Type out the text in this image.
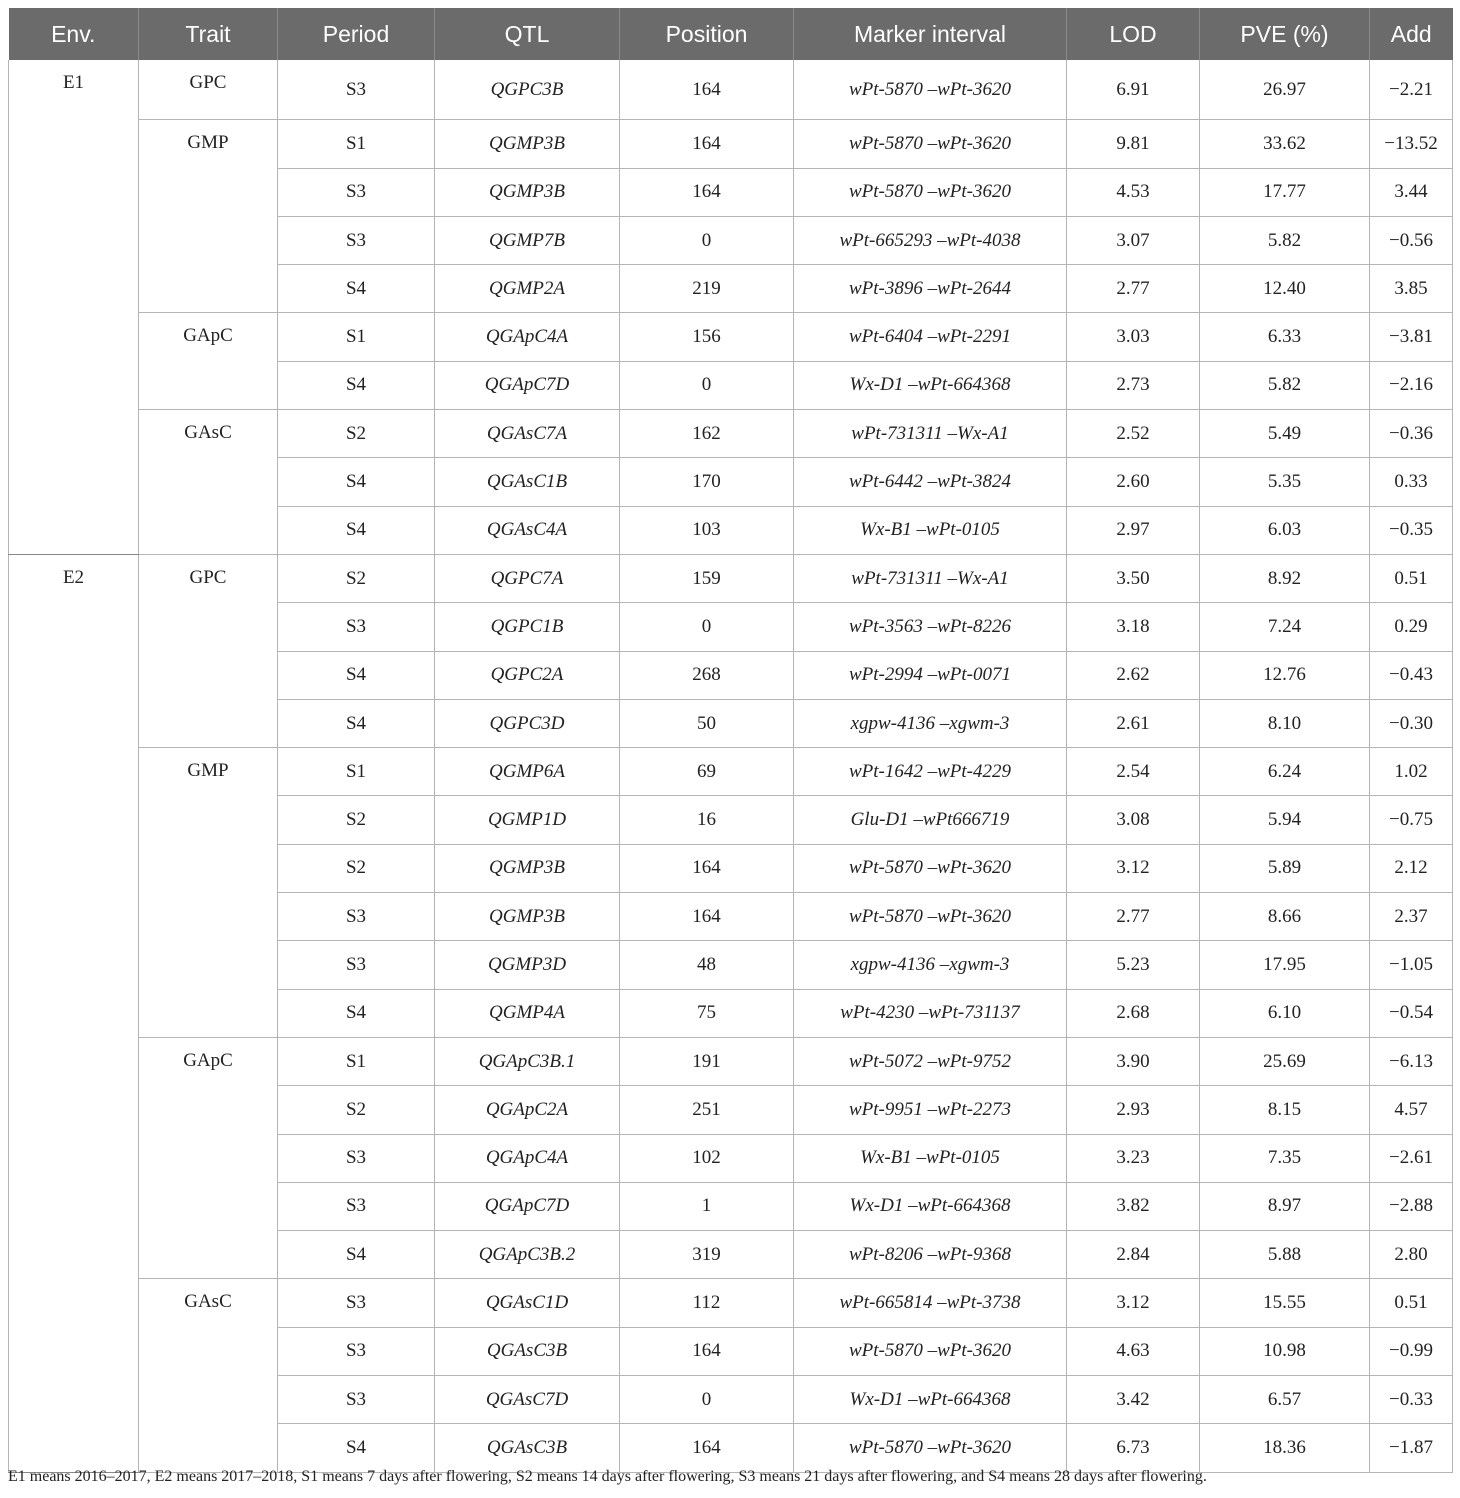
Env.	Trait	Period	QTL	Position	Marker interval	LOD	PVE (%)	Add
E1	GPC	S3	QGPC3B	164	wPt-5870 –wPt-3620	6.91	26.97	−2.21
	GMP	S1	QGMP3B	164	wPt-5870 –wPt-3620	9.81	33.62	−13.52
		S3	QGMP3B	164	wPt-5870 –wPt-3620	4.53	17.77	3.44
		S3	QGMP7B	0	wPt-665293 –wPt-4038	3.07	5.82	−0.56
		S4	QGMP2A	219	wPt-3896 –wPt-2644	2.77	12.40	3.85
	GApC	S1	QGApC4A	156	wPt-6404 –wPt-2291	3.03	6.33	−3.81
		S4	QGApC7D	0	Wx-D1 –wPt-664368	2.73	5.82	−2.16
	GAsC	S2	QGAsC7A	162	wPt-731311 –Wx-A1	2.52	5.49	−0.36
		S4	QGAsC1B	170	wPt-6442 –wPt-3824	2.60	5.35	0.33
		S4	QGAsC4A	103	Wx-B1 –wPt-0105	2.97	6.03	−0.35
E2	GPC	S2	QGPC7A	159	wPt-731311 –Wx-A1	3.50	8.92	0.51
		S3	QGPC1B	0	wPt-3563 –wPt-8226	3.18	7.24	0.29
		S4	QGPC2A	268	wPt-2994 –wPt-0071	2.62	12.76	−0.43
		S4	QGPC3D	50	xgpw-4136 –xgwm-3	2.61	8.10	−0.30
	GMP	S1	QGMP6A	69	wPt-1642 –wPt-4229	2.54	6.24	1.02
		S2	QGMP1D	16	Glu-D1 –wPt666719	3.08	5.94	−0.75
		S2	QGMP3B	164	wPt-5870 –wPt-3620	3.12	5.89	2.12
		S3	QGMP3B	164	wPt-5870 –wPt-3620	2.77	8.66	2.37
		S3	QGMP3D	48	xgpw-4136 –xgwm-3	5.23	17.95	−1.05
		S4	QGMP4A	75	wPt-4230 –wPt-731137	2.68	6.10	−0.54
	GApC	S1	QGApC3B.1	191	wPt-5072 –wPt-9752	3.90	25.69	−6.13
		S2	QGApC2A	251	wPt-9951 –wPt-2273	2.93	8.15	4.57
		S3	QGApC4A	102	Wx-B1 –wPt-0105	3.23	7.35	−2.61
		S3	QGApC7D	1	Wx-D1 –wPt-664368	3.82	8.97	−2.88
		S4	QGApC3B.2	319	wPt-8206 –wPt-9368	2.84	5.88	2.80
	GAsC	S3	QGAsC1D	112	wPt-665814 –wPt-3738	3.12	15.55	0.51
		S3	QGAsC3B	164	wPt-5870 –wPt-3620	4.63	10.98	−0.99
		S3	QGAsC7D	0	Wx-D1 –wPt-664368	3.42	6.57	−0.33
		S4	QGAsC3B	164	wPt-5870 –wPt-3620	6.73	18.36	−1.87
E1 means 2016–2017, E2 means 2017–2018, S1 means 7 days after flowering, S2 means 14 days after flowering, S3 means 21 days after flowering, and S4 means 28 days after flowering.
